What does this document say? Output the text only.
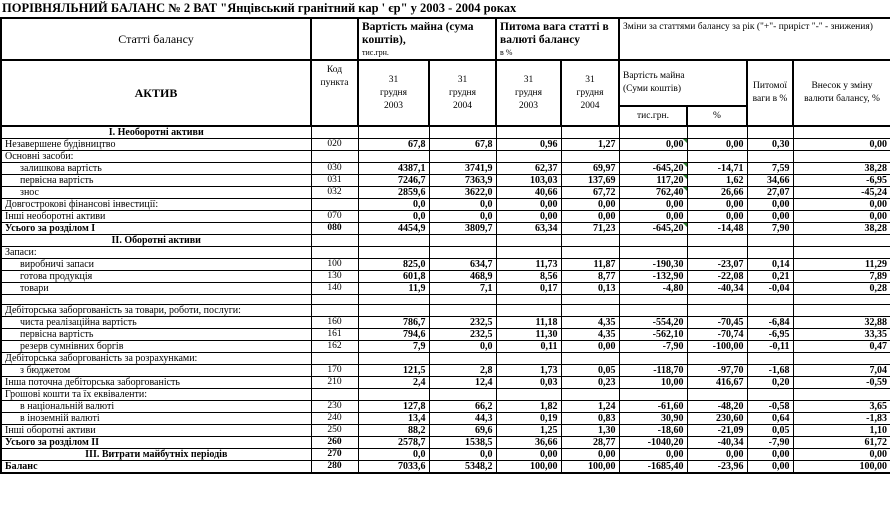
ПОРІВНЯЛЬНИЙ БАЛАНС № 2 ВАТ "Янцівський гранітний кар ' єр" у 2003 - 2004 роках
Статті балансу		Вартість майна (сума коштів),
тис.грн.		Питома вага статті в валюті балансу
в %		Зміни за статтями балансу за рік ("+"- приріст "-" - знижения)			
АКТИВ	Код
пункта	31
грудня
2003	31
грудня
2004	31
грудня
2003	31
грудня
2004	Вартість майна
(Суми коштів)		Питомої ваги в %	Внесок у зміну валюти балансу, %
						тис.грн.	%		
І. Необоротні активи									
Незавершене будівництво	020	67,8	67,8	0,96	1,27	0,00	0,00	0,30	0,00
Основні засоби:									
залишкова вартість	030	4387,1	3741,9	62,37	69,97	-645,20	-14,71	7,59	38,28
первісна вартість	031	7246,7	7363,9	103,03	137,69	117,20	1,62	34,66	-6,95
знос	032	2859,6	3622,0	40,66	67,72	762,40	26,66	27,07	-45,24
Довгострокові фінансові інвестиції:		0,0	0,0	0,00	0,00	0,00	0,00	0,00	0,00
Інші необоротні активи	070	0,0	0,0	0,00	0,00	0,00	0,00	0,00	0,00
Усього за розділом І	080	4454,9	3809,7	63,34	71,23	-645,20	-14,48	7,90	38,28
ІІ. Оборотні активи									
Запаси:									
виробничі запаси	100	825,0	634,7	11,73	11,87	-190,30	-23,07	0,14	11,29
готова продукція	130	601,8	468,9	8,56	8,77	-132,90	-22,08	0,21	7,89
товари	140	11,9	7,1	0,17	0,13	-4,80	-40,34	-0,04	0,28

Дебіторська заборгованість за товари, роботи, послуги:									
чиста реалізаційна вартість	160	786,7	232,5	11,18	4,35	-554,20	-70,45	-6,84	32,88
первісна вартість	161	794,6	232,5	11,30	4,35	-562,10	-70,74	-6,95	33,35
резерв сумнівних боргів	162	7,9	0,0	0,11	0,00	-7,90	-100,00	-0,11	0,47
Дебіторська заборгованість за розрахунками:									
з бюджетом	170	121,5	2,8	1,73	0,05	-118,70	-97,70	-1,68	7,04
Інша поточна дебіторська заборгованість	210	2,4	12,4	0,03	0,23	10,00	416,67	0,20	-0,59
Грошові кошти та їх еквіваленти:									
в національній валюті	230	127,8	66,2	1,82	1,24	-61,60	-48,20	-0,58	3,65
в іноземній валюті	240	13,4	44,3	0,19	0,83	30,90	230,60	0,64	-1,83
Інші оборотні активи	250	88,2	69,6	1,25	1,30	-18,60	-21,09	0,05	1,10
Усього за розділом ІІ	260	2578,7	1538,5	36,66	28,77	-1040,20	-40,34	-7,90	61,72
ІІІ. Витрати майбутніх періодів	270	0,0	0,0	0,00	0,00	0,00	0,00	0,00	0,00
Баланс	280	7033,6	5348,2	100,00	100,00	-1685,40	-23,96	0,00	100,00
